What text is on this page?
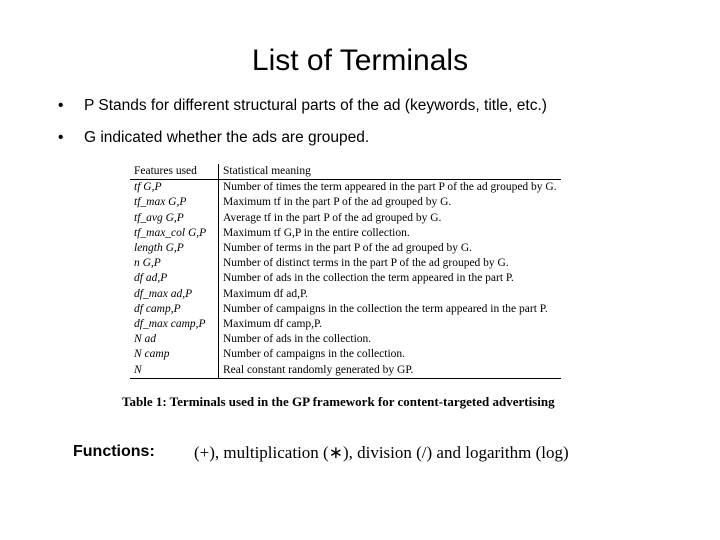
List of Terminals
• P Stands for different structural parts of the ad (keywords, title, etc.)
• G indicated whether the ads are grouped.
Features used	Statistical meaning
tf G,P	Number of times the term appeared in the part P of the ad grouped by G.
tf_max G,P	Maximum tf in the part P of the ad grouped by G.
tf_avg G,P	Average tf in the part P of the ad grouped by G.
tf_max_col G,P	Maximum tf G,P in the entire collection.
length G,P	Number of terms in the part P of the ad grouped by G.
n G,P	Number of distinct terms in the part P of the ad grouped by G.
df ad,P	Number of ads in the collection the term appeared in the part P.
df_max ad,P	Maximum df ad,P.
df camp,P	Number of campaigns in the collection the term appeared in the part P.
df_max camp,P	Maximum df camp,P.
N ad	Number of ads in the collection.
N camp	Number of campaigns in the collection.
N	Real constant randomly generated by GP.
Table 1: Terminals used in the GP framework for content-targeted advertising
Functions: (+), multiplication (∗), division (/) and logarithm (log)
